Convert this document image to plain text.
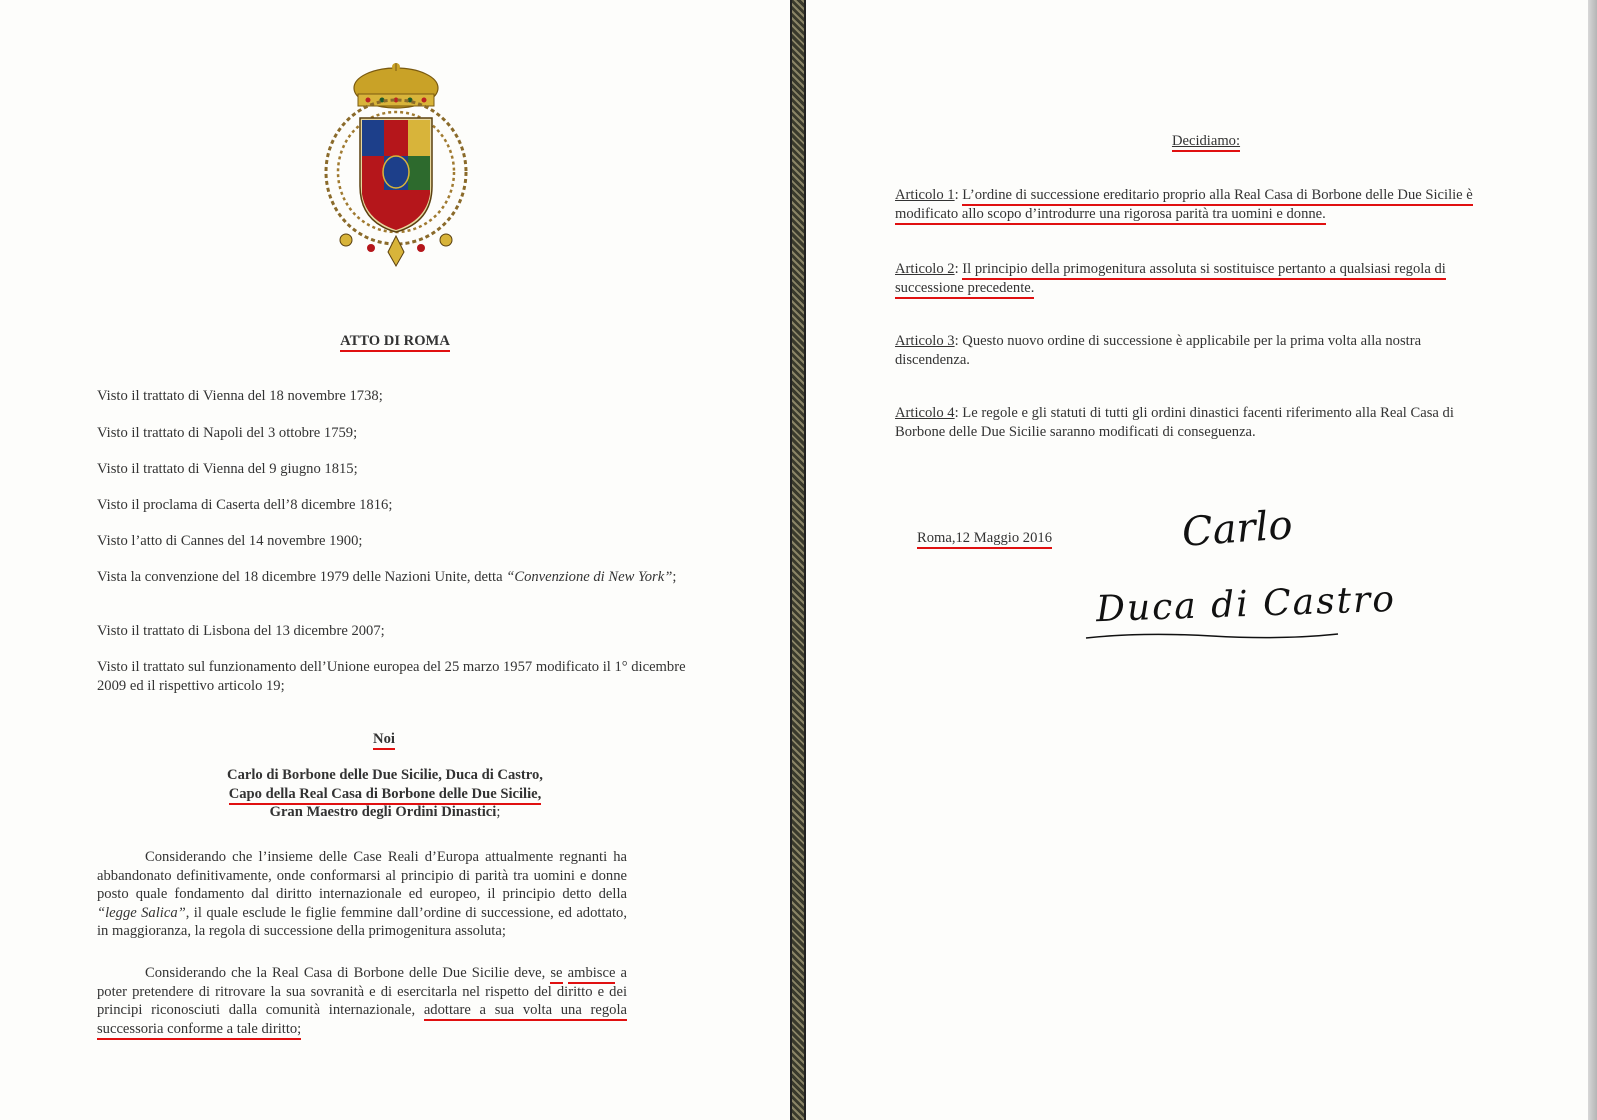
ATTO DI ROMA
Visto il trattato di Vienna del 18 novembre 1738;
Visto il trattato di Napoli del 3 ottobre 1759;
Visto il trattato di Vienna del 9 giugno 1815;
Visto il proclama di Caserta dell’8 dicembre 1816;
Visto l’atto di Cannes del 14 novembre 1900;
Vista la convenzione del 18 dicembre 1979 delle Nazioni Unite, detta “Convenzione di New York”;
Visto il trattato di Lisbona del 13 dicembre 2007;
Visto il trattato sul funzionamento dell’Unione europea del 25 marzo 1957 modificato il 1° dicembre 2009 ed il rispettivo articolo 19;
Noi
Carlo di Borbone delle Due Sicilie, Duca di Castro,
Capo della Real Casa di Borbone delle Due Sicilie,
Gran Maestro degli Ordini Dinastici;
Considerando che l’insieme delle Case Reali d’Europa attualmente regnanti ha abbandonato definitivamente, onde conformarsi al principio di parità tra uomini e donne posto quale fondamento dal diritto internazionale ed europeo, il principio detto della “legge Salica”, il quale esclude le figlie femmine dall’ordine di successione, ed adottato, in maggioranza, la regola di successione della primogenitura assoluta;
Considerando che la Real Casa di Borbone delle Due Sicilie deve, se ambisce a poter pretendere di ritrovare la sua sovranità e di esercitarla nel rispetto del diritto e dei principi riconosciuti dalla comunità internazionale, adottare a sua volta una regola successoria conforme a tale diritto;
Decidiamo:
Articolo 1: L’ordine di successione ereditario proprio alla Real Casa di Borbone delle Due Sicilie è modificato allo scopo d’introdurre una rigorosa parità tra uomini e donne.
Articolo 2: Il principio della primogenitura assoluta si sostituisce pertanto a qualsiasi regola di successione precedente.
Articolo 3: Questo nuovo ordine di successione è applicabile per la prima volta alla nostra discendenza.
Articolo 4: Le regole e gli statuti di tutti gli ordini dinastici facenti riferimento alla Real Casa di Borbone delle Due Sicilie saranno modificati di conseguenza.
Roma,12 Maggio 2016	Carlo
Duca di Castro
